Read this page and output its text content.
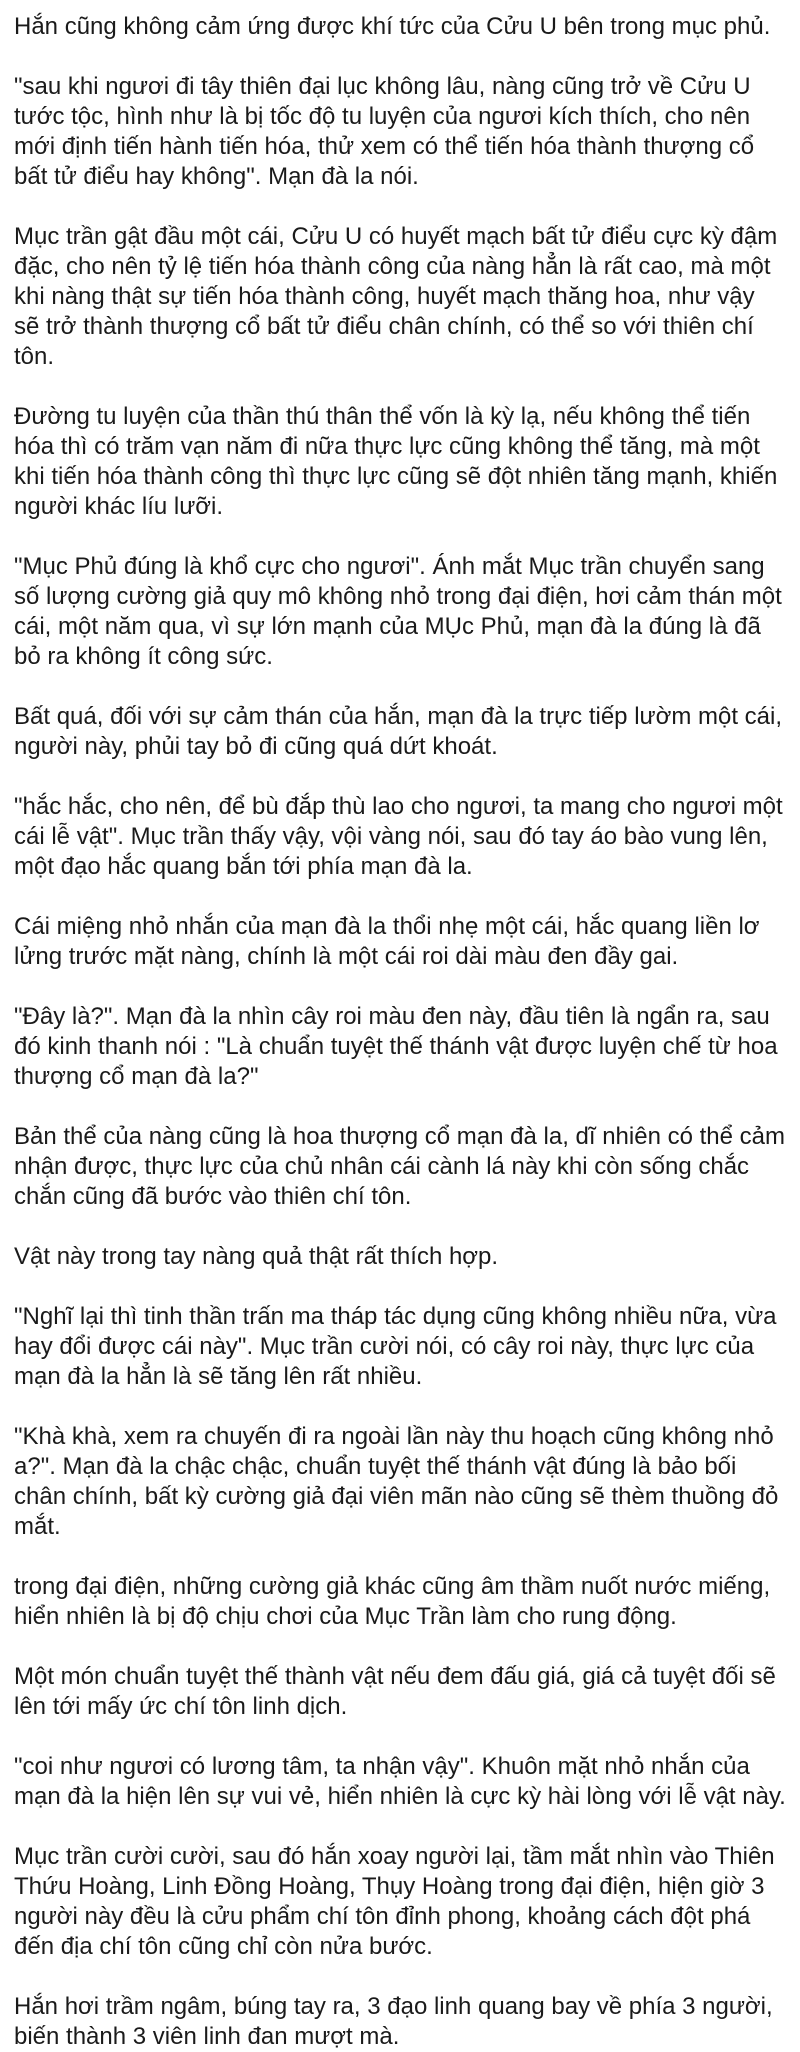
Hắn cũng không cảm ứng được khí tức của Cửu U bên trong mục phủ.

"sau khi ngươi đi tây thiên đại lục không lâu, nàng cũng trở về Cửu U tước tộc, hình như là bị tốc độ tu luyện của ngươi kích thích, cho nên mới định tiến hành tiến hóa, thử xem có thể tiến hóa thành thượng cổ bất tử điểu hay không". Mạn đà la nói.

Mục trần gật đầu một cái, Cửu U có huyết mạch bất tử điểu cực kỳ đậm đặc, cho nên tỷ lệ tiến hóa thành công của nàng hẳn là rất cao, mà một khi nàng thật sự tiến hóa thành công, huyết mạch thăng hoa, như vậy sẽ trở thành thượng cổ bất tử điểu chân chính, có thể so với thiên chí tôn.

Đường tu luyện của thần thú thân thể vốn là kỳ lạ, nếu không thể tiến hóa thì có trăm vạn năm đi nữa thực lực cũng không thể tăng, mà một khi tiến hóa thành công thì thực lực cũng sẽ đột nhiên tăng mạnh, khiến người khác líu lưỡi.

"Mục Phủ đúng là khổ cực cho ngươi". Ánh mắt Mục trần chuyển sang số lượng cường giả quy mô không nhỏ trong đại điện, hơi cảm thán một cái, một năm qua, vì sự lớn mạnh của MỤc Phủ, mạn đà la đúng là đã bỏ ra không ít công sức.

Bất quá, đối với sự cảm thán của hắn, mạn đà la trực tiếp lườm một cái, người này, phủi tay bỏ đi cũng quá dứt khoát.

"hắc hắc, cho nên, để bù đắp thù lao cho ngươi, ta mang cho ngươi một cái lễ vật". Mục trần thấy vậy, vội vàng nói, sau đó tay áo bào vung lên, một đạo hắc quang bắn tới phía mạn đà la.

Cái miệng nhỏ nhắn của mạn đà la thổi nhẹ một cái, hắc quang liền lơ lửng trước mặt nàng, chính là một cái roi dài màu đen đầy gai.

"Đây là?". Mạn đà la nhìn cây roi màu đen này, đầu tiên là ngẩn ra, sau đó kinh thanh nói : "Là chuẩn tuyệt thế thánh vật được luyện chế từ hoa thượng cổ mạn đà la?"

Bản thể của nàng cũng là hoa thượng cổ mạn đà la, dĩ nhiên có thể cảm nhận được, thực lực của chủ nhân cái cành lá này khi còn sống chắc chắn cũng đã bước vào thiên chí tôn.

Vật này trong tay nàng quả thật rất thích hợp.

"Nghĩ lại thì tinh thần trấn ma tháp tác dụng cũng không nhiều nữa, vừa hay đổi được cái này". Mục trần cười nói, có cây roi này, thực lực của mạn đà la hẳn là sẽ tăng lên rất nhiều.

"Khà khà, xem ra chuyến đi ra ngoài lần này thu hoạch cũng không nhỏ a?". Mạn đà la chậc chậc, chuẩn tuyệt thế thánh vật đúng là bảo bối chân chính, bất kỳ cường giả đại viên mãn nào cũng sẽ thèm thuồng đỏ mắt.

trong đại điện, những cường giả khác cũng âm thầm nuốt nước miếng, hiển nhiên là bị độ chịu chơi của Mục Trần làm cho rung động.

Một món chuẩn tuyệt thế thành vật nếu đem đấu giá, giá cả tuyệt đối sẽ lên tới mấy ức chí tôn linh dịch.

"coi như ngươi có lương tâm, ta nhận vậy". Khuôn mặt nhỏ nhắn của mạn đà la hiện lên sự vui vẻ, hiển nhiên là cực kỳ hài lòng với lễ vật này.

Mục trần cười cười, sau đó hắn xoay người lại, tầm mắt nhìn vào Thiên Thứu Hoàng, Linh Đồng Hoàng, Thụy Hoàng trong đại điện, hiện giờ 3 người này đều là cửu phẩm chí tôn đỉnh phong, khoảng cách đột phá đến địa chí tôn cũng chỉ còn nửa bước.

Hắn hơi trầm ngâm, búng tay ra, 3 đạo linh quang bay về phía 3 người, biến thành 3 viên linh đan mượt mà.
